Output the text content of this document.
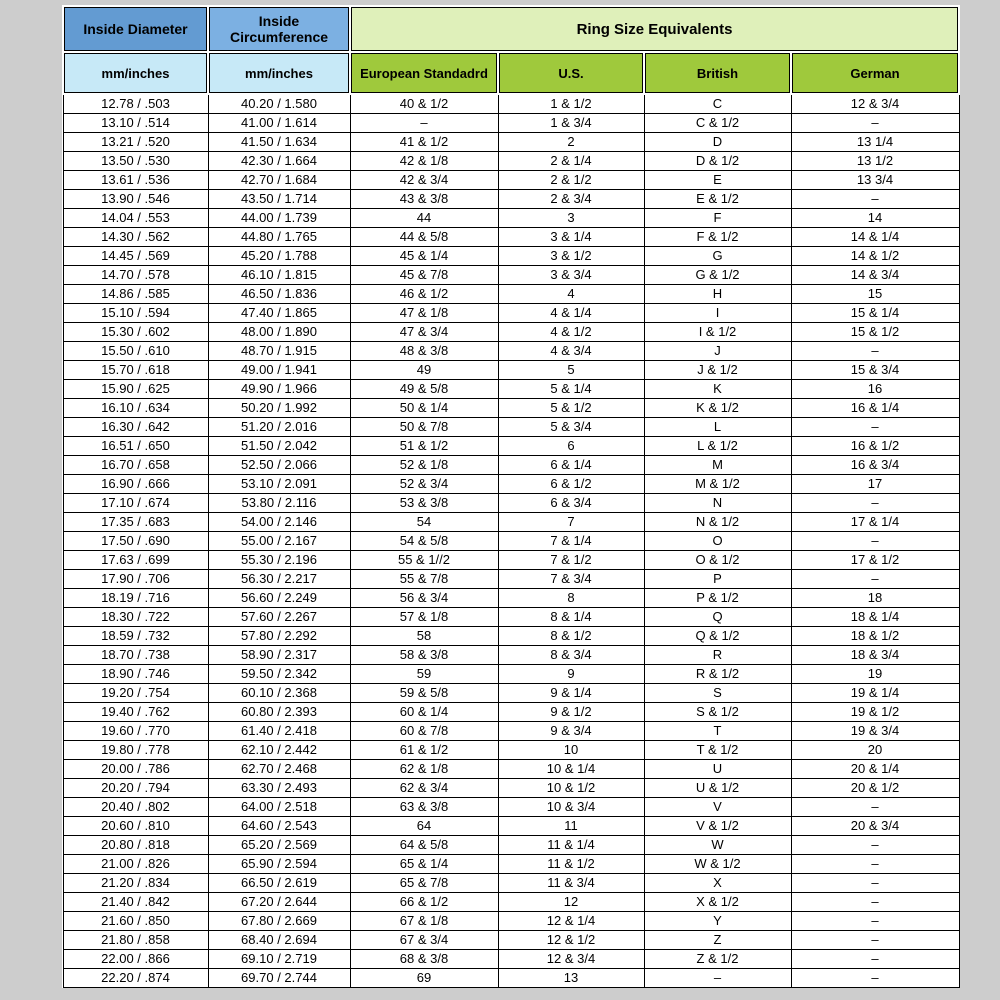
Inside Diameter	Inside Circumference	Ring Size Equivalents			
mm/inches	mm/inches	European Standadrd	U.S.	British	German
12.78 / .503	40.20 / 1.580	40 & 1/2	1 & 1/2	C	12 & 3/4
13.10 / .514	41.00 / 1.614	–	1 & 3/4	C & 1/2	–
13.21 / .520	41.50 / 1.634	41 & 1/2	2	D	13 1/4
13.50 / .530	42.30 / 1.664	42 & 1/8	2 & 1/4	D & 1/2	13 1/2
13.61 / .536	42.70 / 1.684	42 & 3/4	2 & 1/2	E	13 3/4
13.90 / .546	43.50 / 1.714	43 & 3/8	2 & 3/4	E & 1/2	–
14.04 / .553	44.00 / 1.739	44	3	F	14
14.30 / .562	44.80 / 1.765	44 & 5/8	3 & 1/4	F & 1/2	14 & 1/4
14.45 / .569	45.20 / 1.788	45 & 1/4	3 & 1/2	G	14 & 1/2
14.70 / .578	46.10 / 1.815	45 & 7/8	3 & 3/4	G & 1/2	14 & 3/4
14.86 / .585	46.50 / 1.836	46 & 1/2	4	H	15
15.10 / .594	47.40 / 1.865	47 & 1/8	4 & 1/4	I	15 & 1/4
15.30 / .602	48.00 / 1.890	47 & 3/4	4 & 1/2	I & 1/2	15 & 1/2
15.50 / .610	48.70 / 1.915	48 & 3/8	4 & 3/4	J	–
15.70 / .618	49.00 / 1.941	49	5	J & 1/2	15 & 3/4
15.90 / .625	49.90 / 1.966	49 & 5/8	5 & 1/4	K	16
16.10 / .634	50.20 / 1.992	50 & 1/4	5 & 1/2	K & 1/2	16 & 1/4
16.30 / .642	51.20 / 2.016	50 & 7/8	5 & 3/4	L	–
16.51 / .650	51.50 / 2.042	51 & 1/2	6	L & 1/2	16 & 1/2
16.70 / .658	52.50 / 2.066	52 & 1/8	6 & 1/4	M	16 & 3/4
16.90 / .666	53.10 / 2.091	52 & 3/4	6 & 1/2	M & 1/2	17
17.10 / .674	53.80 / 2.116	53 & 3/8	6 & 3/4	N	–
17.35 / .683	54.00 / 2.146	54	7	N & 1/2	17 & 1/4
17.50 / .690	55.00 / 2.167	54 & 5/8	7 & 1/4	O	–
17.63 / .699	55.30 / 2.196	55 & 1//2	7 & 1/2	O & 1/2	17 & 1/2
17.90 / .706	56.30 / 2.217	55 & 7/8	7 & 3/4	P	–
18.19 / .716	56.60 / 2.249	56 & 3/4	8	P & 1/2	18
18.30 / .722	57.60 / 2.267	57 & 1/8	8 & 1/4	Q	18 & 1/4
18.59 / .732	57.80 / 2.292	58	8 & 1/2	Q & 1/2	18 & 1/2
18.70 / .738	58.90 / 2.317	58 & 3/8	8 & 3/4	R	18 & 3/4
18.90 / .746	59.50 / 2.342	59	9	R & 1/2	19
19.20 / .754	60.10 / 2.368	59 & 5/8	9 & 1/4	S	19 & 1/4
19.40 / .762	60.80 / 2.393	60 & 1/4	9 & 1/2	S & 1/2	19 & 1/2
19.60 / .770	61.40 / 2.418	60 & 7/8	9 & 3/4	T	19 & 3/4
19.80 / .778	62.10 / 2.442	61 & 1/2	10	T & 1/2	20
20.00 / .786	62.70 / 2.468	62 & 1/8	10 & 1/4	U	20 & 1/4
20.20 / .794	63.30 / 2.493	62 & 3/4	10 & 1/2	U & 1/2	20 & 1/2
20.40 / .802	64.00 / 2.518	63 & 3/8	10 & 3/4	V	–
20.60 / .810	64.60 / 2.543	64	11	V & 1/2	20 & 3/4
20.80 / .818	65.20 / 2.569	64 & 5/8	11 & 1/4	W	–
21.00 / .826	65.90 / 2.594	65 & 1/4	11 & 1/2	W & 1/2	–
21.20 / .834	66.50 / 2.619	65 & 7/8	11 & 3/4	X	–
21.40 / .842	67.20 / 2.644	66 & 1/2	12	X & 1/2	–
21.60 / .850	67.80 / 2.669	67 & 1/8	12 & 1/4	Y	–
21.80 / .858	68.40 / 2.694	67 & 3/4	12 & 1/2	Z	–
22.00 / .866	69.10 / 2.719	68 & 3/8	12 & 3/4	Z & 1/2	–
22.20 / .874	69.70 / 2.744	69	13	–	–
